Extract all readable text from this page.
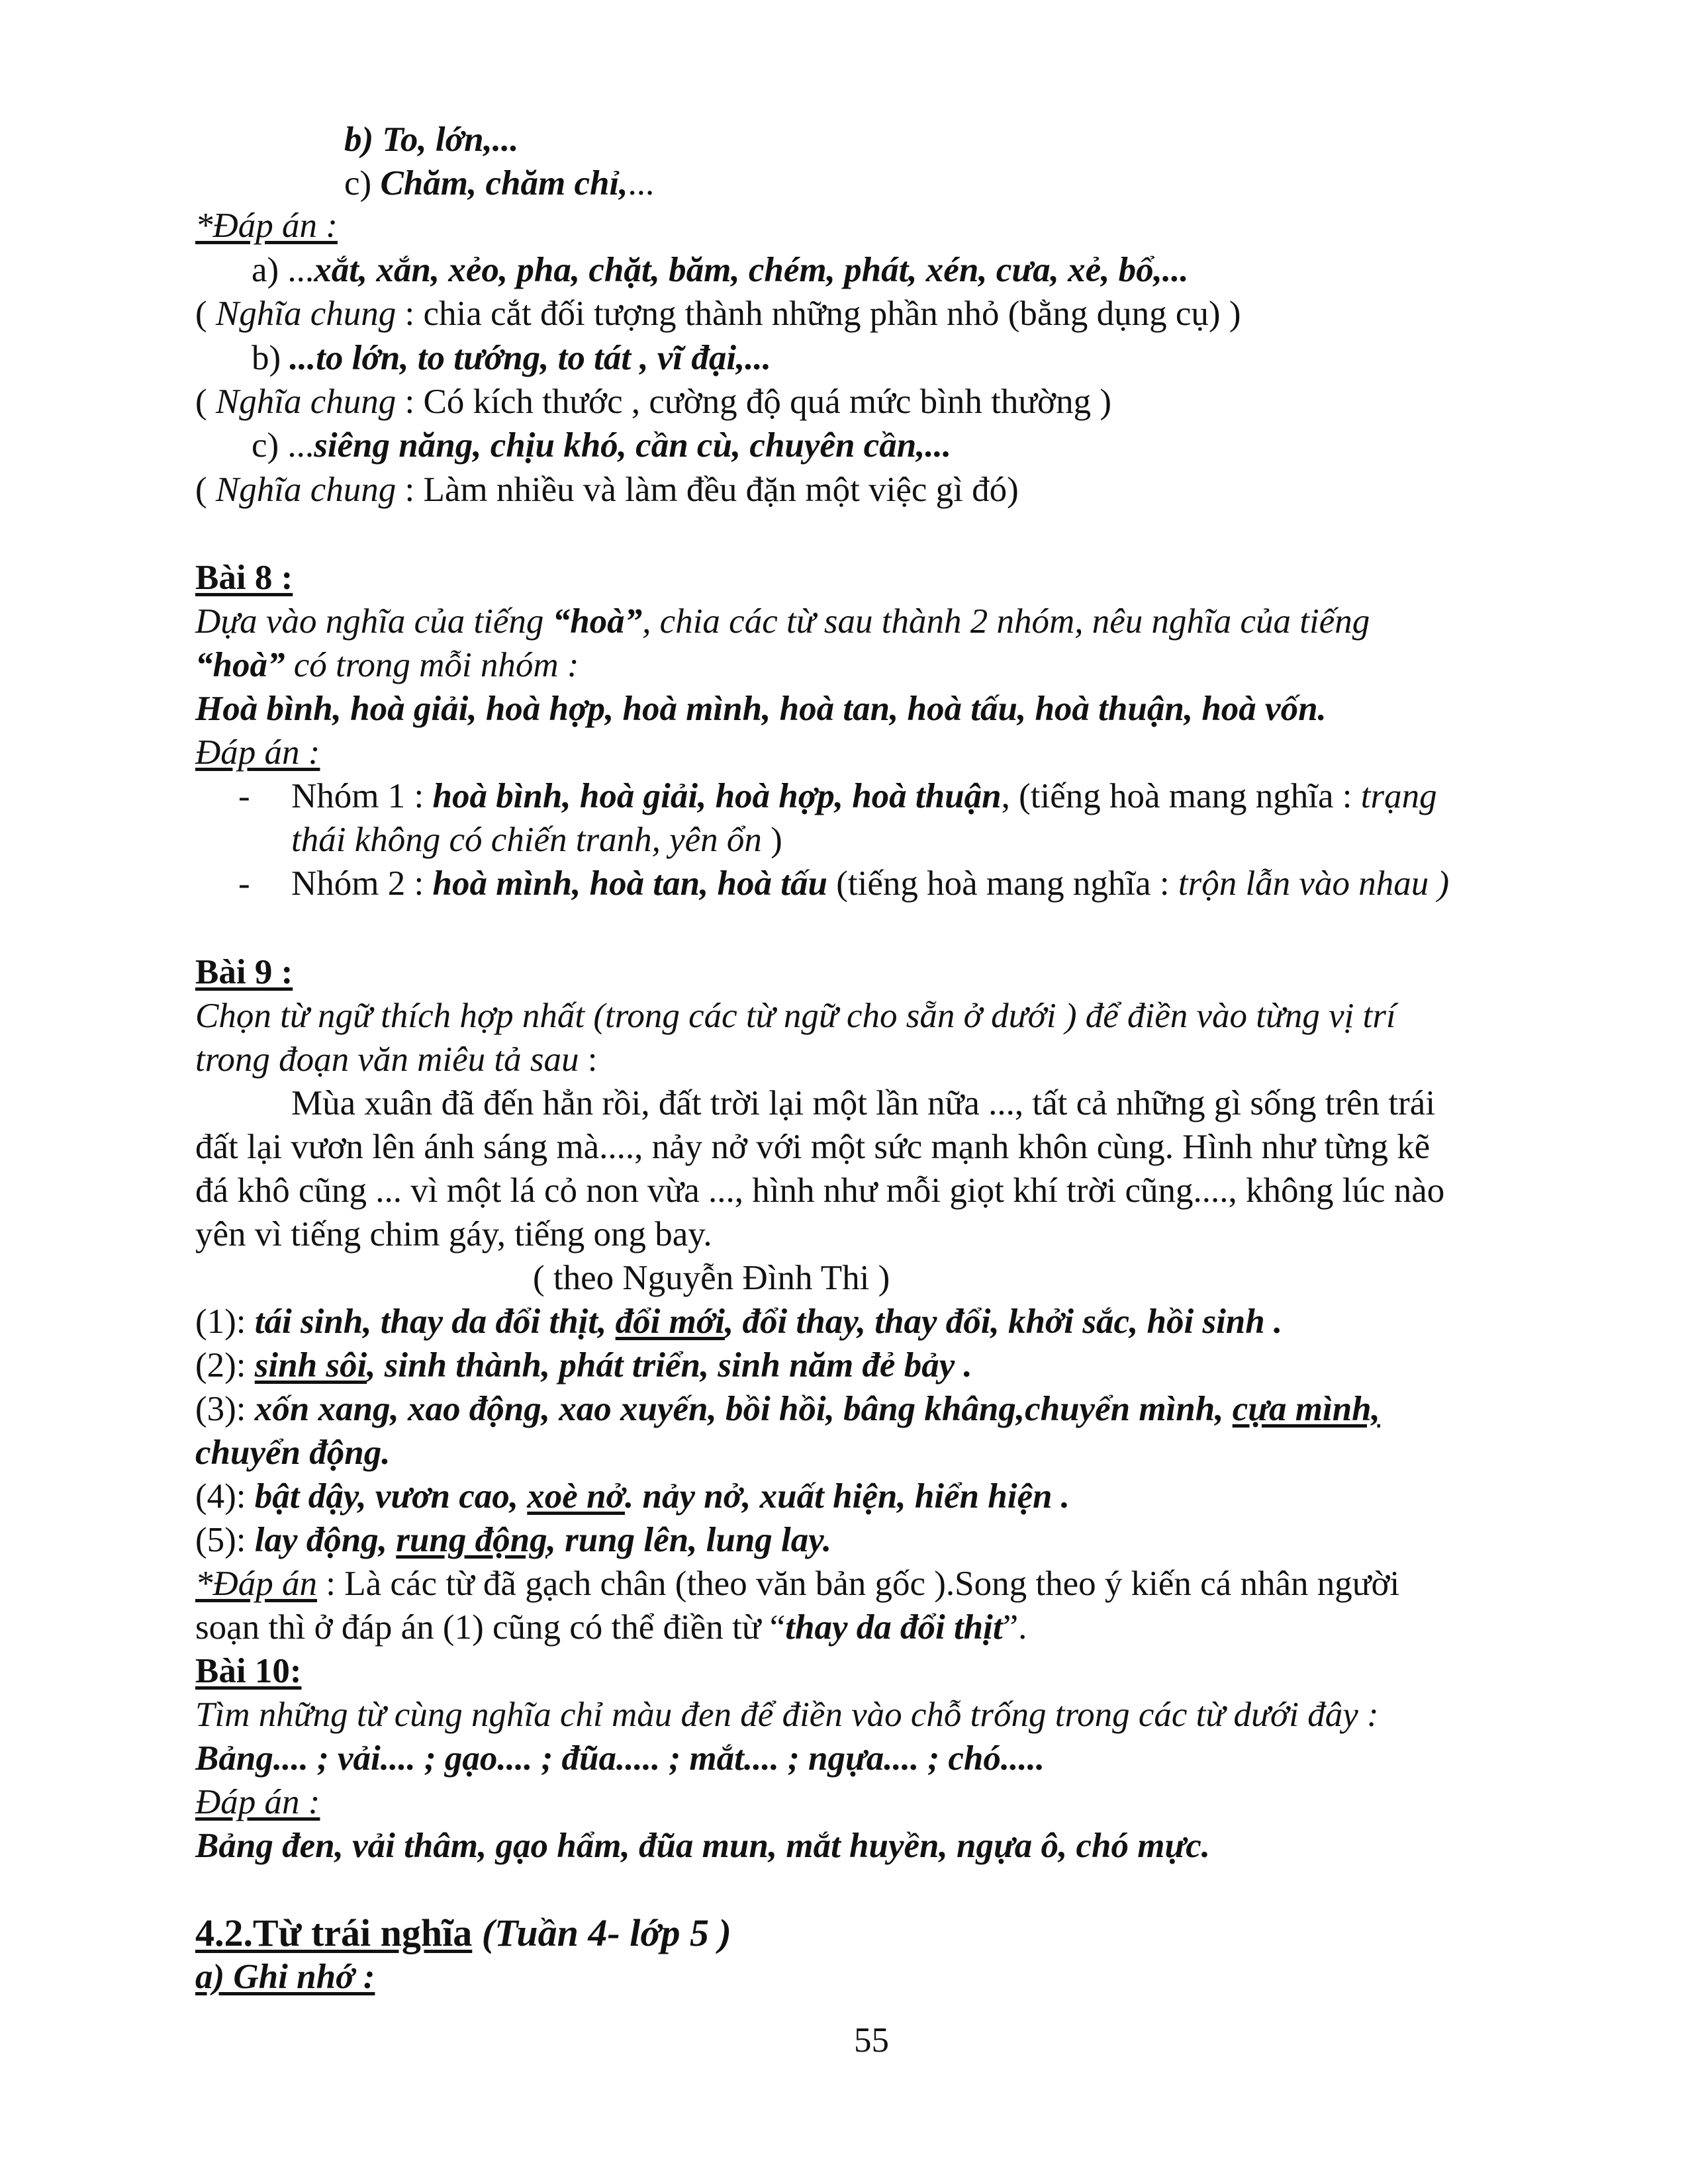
b) To, lớn,...
c) Chăm, chăm chỉ,...
*Đáp án :
a) ...xắt, xắn, xẻo, pha, chặt, băm, chém, phát, xén, cưa, xẻ, bổ,...
( Nghĩa chung : chia cắt đối tượng thành những phần nhỏ (bằng dụng cụ) )
b) ...to lớn, to tướng, to tát , vĩ đại,...
( Nghĩa chung : Có kích thước , cường độ quá mức bình thường )
c) ...siêng năng, chịu khó, cần cù, chuyên cần,...
( Nghĩa chung : Làm nhiều và làm đều đặn một việc gì đó)
Bài 8 :
Dựa vào nghĩa của tiếng “hoà”, chia các từ sau thành 2 nhóm, nêu nghĩa của tiếng
“hoà” có trong mỗi nhóm :
Hoà bình, hoà giải, hoà hợp, hoà mình, hoà tan, hoà tấu, hoà thuận, hoà vốn.
Đáp án :
- Nhóm 1 : hoà bình, hoà giải, hoà hợp, hoà thuận, (tiếng hoà mang nghĩa : trạng
thái không có chiến tranh, yên ổn )
- Nhóm 2 : hoà mình, hoà tan, hoà tấu (tiếng hoà mang nghĩa : trộn lẫn vào nhau )
Bài 9 :
Chọn từ ngữ thích hợp nhất (trong các từ ngữ cho sẵn ở dưới ) để điền vào từng vị trí
trong đoạn văn miêu tả sau :
Mùa xuân đã đến hẳn rồi, đất trời lại một lần nữa ..., tất cả những gì sống trên trái
đất lại vươn lên ánh sáng mà...., nảy nở với một sức mạnh khôn cùng. Hình như từng kẽ
đá khô cũng ... vì một lá cỏ non vừa ..., hình như mỗi giọt khí trời cũng...., không lúc nào
yên vì tiếng chim gáy, tiếng ong bay.
( theo Nguyễn Đình Thi )
(1): tái sinh, thay da đổi thịt, đổi mới, đổi thay, thay đổi, khởi sắc, hồi sinh .
(2): sinh sôi, sinh thành, phát triển, sinh năm đẻ bảy .
(3): xốn xang, xao động, xao xuyến, bồi hồi, bâng khâng,chuyển mình, cựa mình,
chuyển động.
(4): bật dậy, vươn cao, xoè nở. nảy nở, xuất hiện, hiển hiện .
(5): lay động, rung động, rung lên, lung lay.
*Đáp án : Là các từ đã gạch chân (theo văn bản gốc ).Song theo ý kiến cá nhân người
soạn thì ở đáp án (1) cũng có thể điền từ “thay da đổi thịt”.
Bài 10:
Tìm những từ cùng nghĩa chỉ màu đen để điền vào chỗ trống trong các từ dưới đây :
Bảng.... ; vải.... ; gạo.... ; đũa..... ; mắt.... ; ngựa.... ; chó.....
Đáp án :
Bảng đen, vải thâm, gạo hẩm, đũa mun, mắt huyền, ngựa ô, chó mực.
4.2.Từ trái nghĩa (Tuần 4- lớp 5 )
a) Ghi nhớ :
55
